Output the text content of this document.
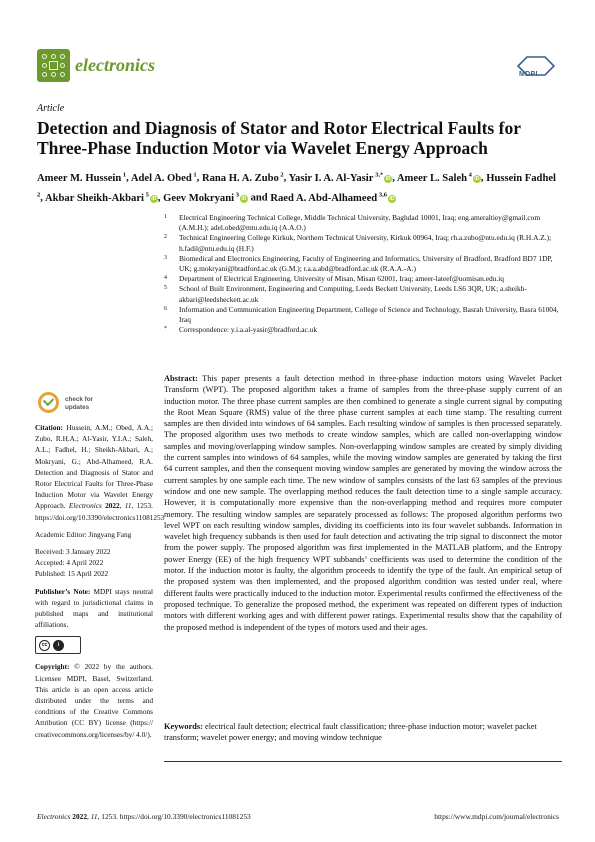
electronics	MDPI
Article
Detection and Diagnosis of Stator and Rotor Electrical Faults for Three-Phase Induction Motor via Wavelet Energy Approach
Ameer M. Hussein $^1$, Adel A. Obed $^1$, Rana H. A. Zubo $^2$, Yasir I. A. Al-Yasir $^{3,*}$iD , Ameer L. Saleh $^4$iD , Hussein Fadhel $^2$, Akbar Sheikh-Akbari $^5$iD , Geev Mokryani $^3$iD and Raed A. Abd-Alhameed $^{3,6}$iD
1 Electrical Engineering Technical College, Middle Technical University, Baghdad 10001, Iraq; eng.ameraltiey@gmail.com (A.M.H.); adel.obed@mtu.edu.iq (A.A.O.)
2 Technical Engineering College Kirkuk, Northern Technical University, Kirkuk 00964, Iraq; rh.a.zubo@ntu.edu.iq (R.H.A.Z.); h.fadil@ntu.edu.iq (H.F.)
3 Biomedical and Electronics Engineering, Faculty of Engineering and Informatics, University of Bradford, Bradford BD7 1DP, UK; g.mokryani@bradford.ac.uk (G.M.); r.a.a.abd@bradford.ac.uk (R.A.A.-A.)
4 Department of Electrical Engineering, University of Misan, Misan 62001, Iraq; ameer-lateef@uomisan.edu.iq
5 School of Built Environment, Engineering and Computing, Leeds Beckett University, Leeds LS6 3QR, UK; a.sheikh-akbari@leedsbeckett.ac.uk
6 Information and Communication Engineering Department, College of Science and Technology, Basrah University, Basra 61004, Iraq
* Correspondence: y.i.a.al-yasir@bradford.ac.uk
check for
updates
Citation: Hussein, A.M.; Obed, A.A.; Zubo, R.H.A.; Al-Yasir, Y.I.A.; Saleh, A.L.; Fadhel, H.; Sheikh-Akbari, A.; Mokryani, G.; Abd-Alhameed, R.A. Detection and Diagnosis of Stator and Rotor Electrical Faults for Three-Phase Induction Motor via Wavelet Energy Approach. Electronics 2022, 11, 1253. https://doi.org/10.3390/electronics11081253
Academic Editor: Jingyang Fang
Received: 3 January 2022
Accepted: 4 April 2022
Published: 15 April 2022
Publisher’s Note: MDPI stays neutral with regard to jurisdictional claims in published maps and institutional affiliations.
cc	i
Copyright: © 2022 by the authors. Licensee MDPI, Basel, Switzerland. This article is an open access article distributed under the terms and conditions of the Creative Commons Attribution (CC BY) license (https:// creativecommons.org/licenses/by/ 4.0/).
Abstract: This paper presents a fault detection method in three-phase induction motors using Wavelet Packet Transform (WPT). The proposed algorithm takes a frame of samples from the three-phase supply current of an induction motor. The three phase current samples are then combined to generate a single current signal by computing the Root Mean Square (RMS) value of the three phase current samples at each time stamp. The resulting current samples are then divided into windows of 64 samples. Each resulting window of samples is then processed separately. The proposed algorithm uses two methods to create window samples, which are called non-overlapping window samples and moving/overlapping window samples. Non-overlapping window samples are created by simply dividing the current samples into windows of 64 samples, while the moving window samples are generated by taking the first 64 current samples, and then the consequent moving window samples are generated by moving the window across the current samples by one sample each time. The new window of samples consists of the last 63 samples of the previous window and one new sample. The overlapping method reduces the fault detection time to a single sample accuracy. However, it is computationally more expensive than the non-overlapping method and requires more computer memory. The resulting window samples are separately processed as follows: The proposed algorithm performs two level WPT on each resulting window samples, dividing its coefficients into its four wavelet subbands. Information in wavelet high frequency subbands is then used for fault detection and activating the trip signal to disconnect the motor from the power supply. The proposed algorithm was first implemented in the MATLAB platform, and the Entropy power Energy (EE) of the high frequency WPT subbands’ coefficients was used to determine the condition of the motor. If the induction motor is faulty, the algorithm proceeds to identify the type of the fault. An empirical setup of the proposed system was then implemented, and the proposed algorithm condition was tested under real, where different faults were practically induced to the induction motor. Experimental results confirmed the effectiveness of the proposed technique. To generalize the proposed method, the experiment was repeated on different types of induction motors with different working ages and with different power ratings. Experimental results show that the capability of the proposed method is independent of the types of motors used and their ages.
Keywords: electrical fault detection; electrical fault classification; three-phase induction motor; wavelet packet transform; wavelet power energy; and moving window technique
Electronics 2022, 11, 1253. https://doi.org/10.3390/electronics11081253	https://www.mdpi.com/journal/electronics
